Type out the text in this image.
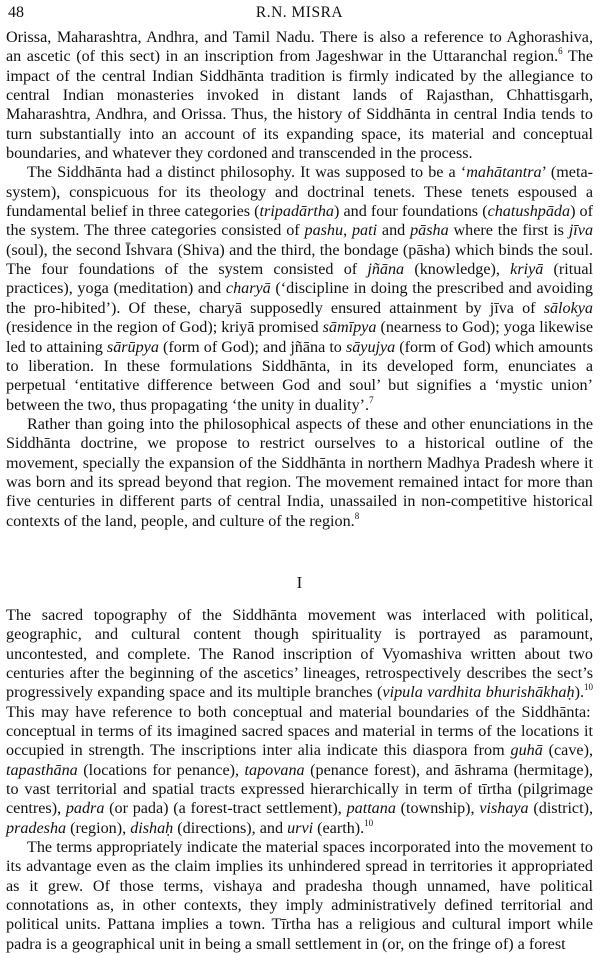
48	R.N. MISRA

Orissa, Maharashtra, Andhra, and Tamil Nadu. There is also a reference to Aghorashiva, an ascetic (of this sect) in an inscription from Jageshwar in the Uttaranchal region.$^6$ The impact of the central Indian Siddhānta tradition is firmly indicated by the allegiance to central Indian monasteries invoked in distant lands of Rajasthan, Chhattisgarh, Maharashtra, Andhra, and Orissa. Thus, the history of Siddhānta in central India tends to turn substantially into an account of its expanding space, its material and conceptual boundaries, and whatever they cordoned and transcended in the process.

The Siddhānta had a distinct philosophy. It was supposed to be a ‘mahātantra’ (meta-system), conspicuous for its theology and doctrinal tenets. These tenets espoused a fundamental belief in three categories (tripadārtha) and four foundations (chatushpāda) of the system. The three categories consisted of pashu, pati and pāsha where the first is jīva (soul), the second Īshvara (Shiva) and the third, the bondage (pāsha) which binds the soul. The four foundations of the system consisted of jñāna (knowledge), kriyā (ritual practices), yoga (meditation) and charyā (‘discipline in doing the prescribed and avoiding the pro-hibited’). Of these, charyā supposedly ensured attainment by jīva of sālokya (residence in the region of God); kriyā promised sāmīpya (nearness to God); yoga likewise led to attaining sārūpya (form of God); and jñāna to sāyujya (form of God) which amounts to liberation. In these formulations Siddhānta, in its developed form, enunciates a perpetual ‘entitative difference between God and soul’ but signifies a ‘mystic union’ between the two, thus propagating ‘the unity in duality’.$^7$

Rather than going into the philosophical aspects of these and other enunciations in the Siddhānta doctrine, we propose to restrict ourselves to a historical outline of the movement, specially the expansion of the Siddhānta in northern Madhya Pradesh where it was born and its spread beyond that region. The movement remained intact for more than five centuries in different parts of central India, unassailed in non-competitive historical contexts of the land, people, and culture of the region.$^8$

I

The sacred topography of the Siddhānta movement was interlaced with political, geographic, and cultural content though spirituality is portrayed as paramount, uncontested, and complete. The Ranod inscription of Vyomashiva written about two centuries after the beginning of the ascetics’ lineages, retrospectively describes the sect’s progressively expanding space and its multiple branches (vipula vardhita bhurishākhaḥ).$^{10}$ This may have reference to both conceptual and material boundaries of the Siddhānta: conceptual in terms of its imagined sacred spaces and material in terms of the locations it occupied in strength. The inscriptions inter alia indicate this diaspora from guhā (cave), tapasthāna (locations for penance), tapovana (penance forest), and āshrama (hermitage), to vast territorial and spatial tracts expressed hierarchically in term of tīrtha (pilgrimage centres), padra (or pada) (a forest-tract settlement), pattana (township), vishaya (district), pradesha (region), dishaḥ (directions), and urvi (earth).$^{10}$

The terms appropriately indicate the material spaces incorporated into the movement to its advantage even as the claim implies its unhindered spread in territories it appropriated as it grew. Of those terms, vishaya and pradesha though unnamed, have political connotations as, in other contexts, they imply administratively defined territorial and political units. Pattana implies a town. Tīrtha has a religious and cultural import while padra is a geographical unit in being a small settlement in (or, on the fringe of) a forest
